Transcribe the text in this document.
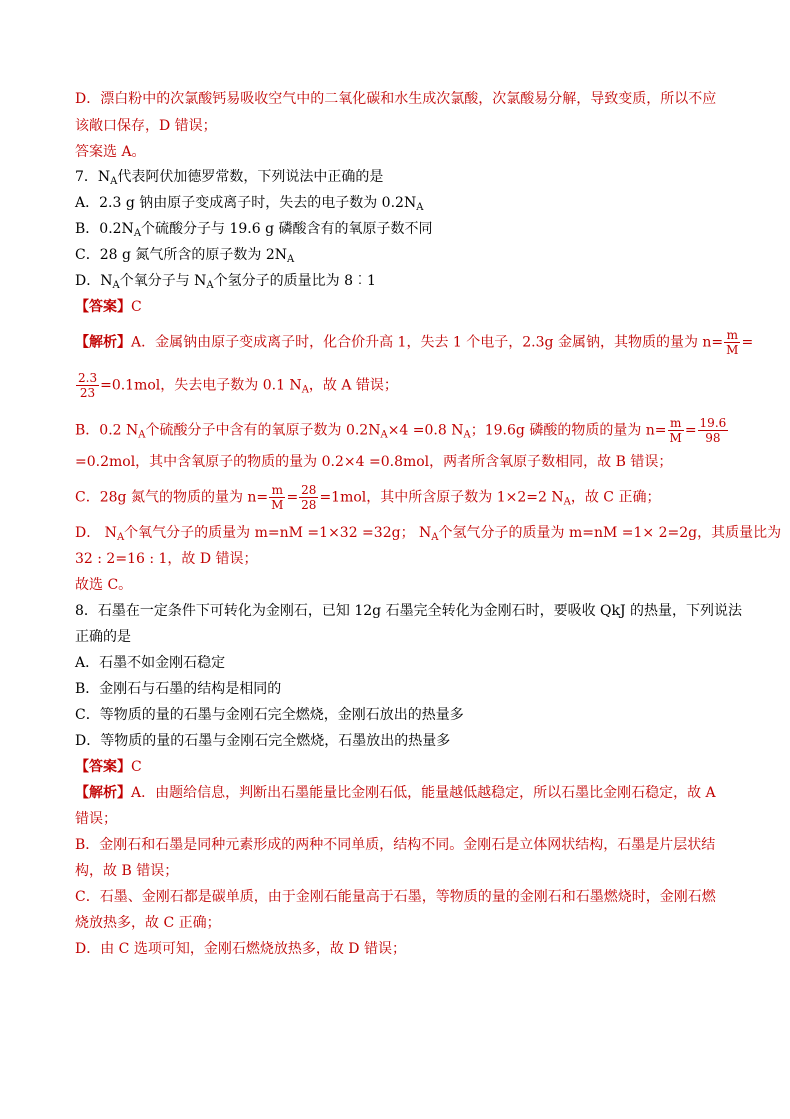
D．漂白粉中的次氯酸钙易吸收空气中的二氧化碳和水生成次氯酸，次氯酸易分解，导致变质，所以不应
该敞口保存，D 错误；
答案选 A。
7．$N_A$代表阿伏加德罗常数，下列说法中正确的是
A．2.3 g 钠由原子变成离子时，失去的电子数为 $0.2N_A$
B．$0.2N_A$个硫酸分子与 19.6 g 磷酸含有的氧原子数不同
C．28 g 氮气所含的原子数为 $2N_A$
D．$N_A$个氧分子与 $N_A$个氢分子的质量比为 8︰1
【答案】C
【解析】A．金属钠由原子变成离子时，化合价升高 1，失去 1 个电子，2.3g 金属钠，其物质的量为 $n= \frac{m}{M}$ =
$\frac{2.3}{23} =0.1mol$，失去电子数为 0.1 $N_A$，故 A 错误；
B．0.2 $N_A$个硫酸分子中含有的氧原子数为 $0.2N_A\times 4 =0.8$ $N_A$；19.6g 磷酸的物质的量为 $n= \frac{m}{M} = \frac{19.6}{98}$
=0.2mol，其中含氧原子的物质的量为 0.2×4 =0.8mol，两者所含氧原子数相同，故 B 错误；
C．28g 氮气的物质的量为 $n= \frac{m}{M} = \frac{28}{28} =1mol$，其中所含原子数为 1×2=2 $N_A$，故 C 正确；
D． $N_A$个氧气分子的质量为 m=nM =1×32 =32g； $N_A$个氢气分子的质量为 m=nM =1× 2=2g，其质量比为
32 : 2=16 : 1，故 D 错误；
故选 C。
8．石墨在一定条件下可转化为金刚石，已知 12g 石墨完全转化为金刚石时，要吸收 QkJ 的热量，下列说法
正确的是
A．石墨不如金刚石稳定
B．金刚石与石墨的结构是相同的
C．等物质的量的石墨与金刚石完全燃烧，金刚石放出的热量多
D．等物质的量的石墨与金刚石完全燃烧，石墨放出的热量多
【答案】C
【解析】A．由题给信息，判断出石墨能量比金刚石低，能量越低越稳定，所以石墨比金刚石稳定，故 A
错误；
B．金刚石和石墨是同种元素形成的两种不同单质，结构不同。金刚石是立体网状结构，石墨是片层状结
构，故 B 错误；
C．石墨、金刚石都是碳单质，由于金刚石能量高于石墨，等物质的量的金刚石和石墨燃烧时，金刚石燃
烧放热多，故 C 正确；
D．由 C 选项可知，金刚石燃烧放热多，故 D 错误；
